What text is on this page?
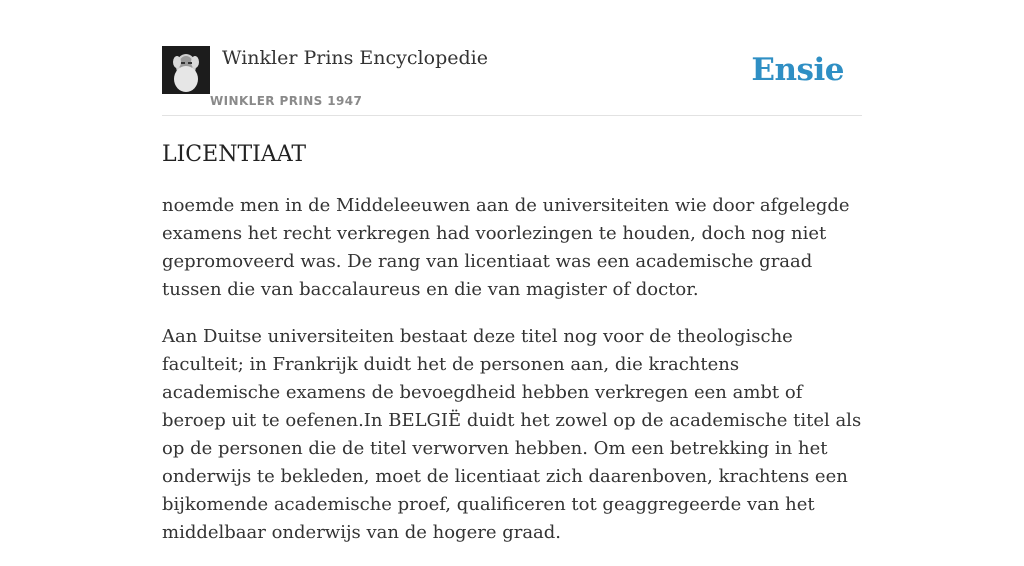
Winkler Prins Encyclopedie
WINKLER PRINS 1947
Ensie
LICENTIAAT

noemde men in de Middeleeuwen aan de universiteiten wie door afgelegde examens het recht verkregen had voorlezingen te houden, doch nog niet gepromoveerd was. De rang van licentiaat was een academische graad tussen die van baccalaureus en die van magister of doctor.

Aan Duitse universiteiten bestaat deze titel nog voor de theologische faculteit; in Frankrijk duidt het de personen aan, die krachtens academische examens de bevoegdheid hebben verkregen een ambt of beroep uit te oefenen.In BELGIË duidt het zowel op de academische titel als op de personen die de titel verworven hebben. Om een betrekking in het onderwijs te bekleden, moet de licentiaat zich daarenboven, krachtens een bijkomende academische proef, qualificeren tot geaggregeerde van het middelbaar onderwijs van de hogere graad.
